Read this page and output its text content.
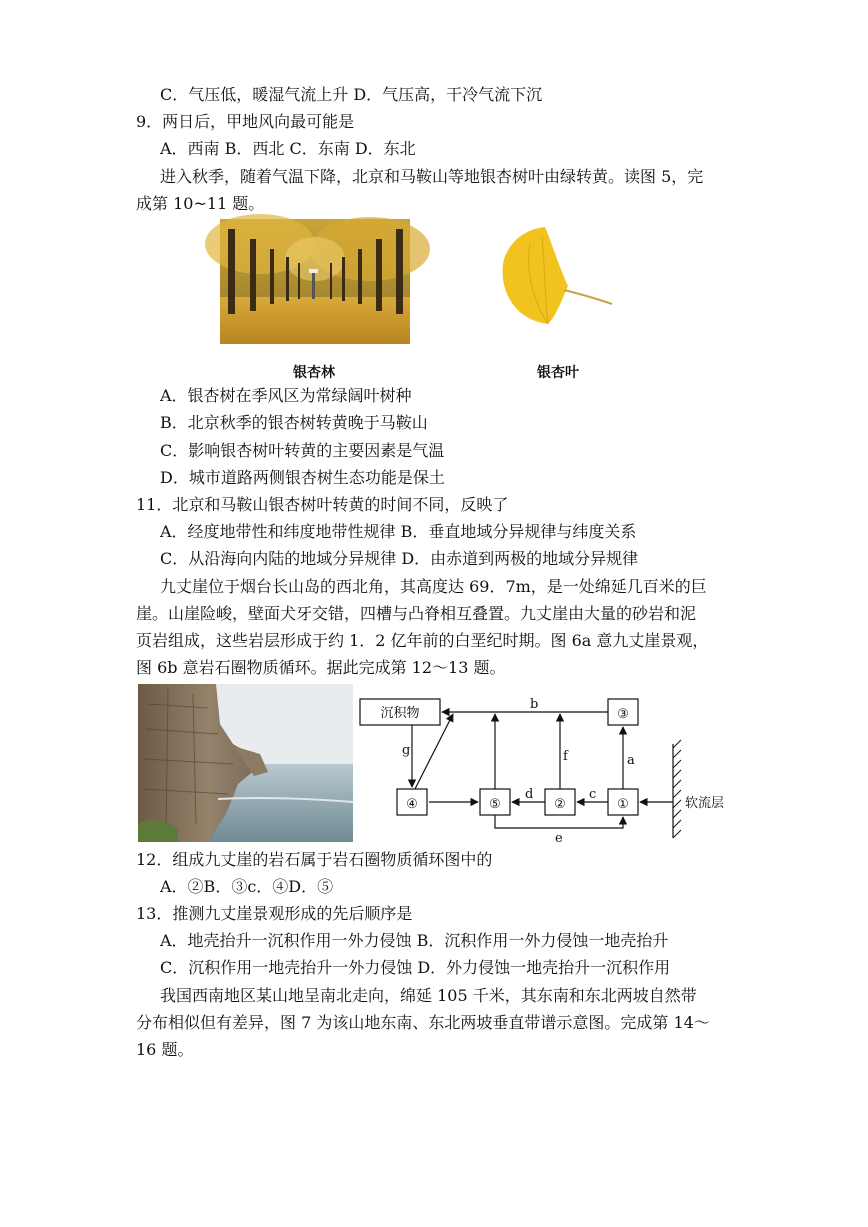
C．气压低，暖湿气流上升 D．气压高，干冷气流下沉
9．两日后，甲地风向最可能是
A．西南 B．西北 C．东南 D．东北
进入秋季，随着气温下降，北京和马鞍山等地银杏树叶由绿转黄。读图 5，完
成第 10~11 题。
银杏林	银杏叶
A．银杏树在季风区为常绿阔叶树种
B．北京秋季的银杏树转黄晚于马鞍山
C．影响银杏树叶转黄的主要因素是气温
D．城市道路两侧银杏树生态功能是保土
11．北京和马鞍山银杏树叶转黄的时间不同，反映了
A．经度地带性和纬度地带性规律 B．垂直地域分异规律与纬度关系
C．从沿海向内陆的地域分异规律 D．由赤道到两极的地域分异规律
九丈崖位于烟台长山岛的西北角，其高度达 69．7m，是一处绵延几百米的巨
崖。山崖险峻，壁面犬牙交错，四槽与凸脊相互叠置。九丈崖由大量的砂岩和泥
页岩组成，这些岩层形成于约 1．2 亿年前的白垩纪时期。图 6a 意九丈崖景观，
图 6b 意岩石圈物质循环。据此完成第 12～13 题。
沉积物	③
④	⑤	②	①	软流层
b
g	f	a
d	c
e
12．组成九丈崖的岩石属于岩石圈物质循环图中的
A．②B．③c．④D．⑤
13．推测九丈崖景观形成的先后顺序是
A．地壳抬升一沉积作用一外力侵蚀 B．沉积作用一外力侵蚀一地壳抬升
C．沉积作用一地壳抬升一外力侵蚀 D．外力侵蚀一地壳抬升一沉积作用
我国西南地区某山地呈南北走向，绵延 105 千米，其东南和东北两坡自然带
分布相似但有差异，图 7 为该山地东南、东北两坡垂直带谱示意图。完成第 14～
16 题。
